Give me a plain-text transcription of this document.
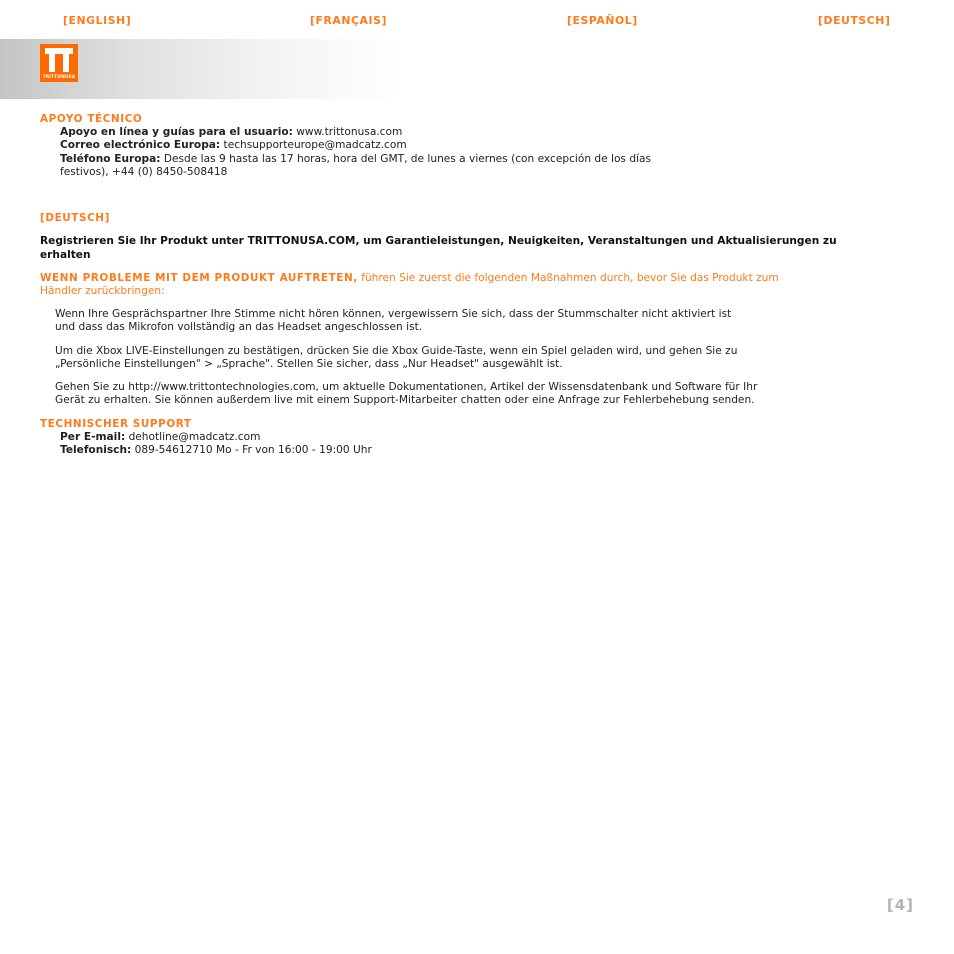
[ENGLISH]	[FRANÇAIS]	[ESPAÑOL]	[DEUTSCH]
TRITTONUSA
APOYO TÉCNICO
Apoyo en línea y guías para el usuario: www.trittonusa.com
Correo electrónico Europa: techsupporteurope@madcatz.com
Teléfono Europa: Desde las 9 hasta las 17 horas, hora del GMT, de lunes a viernes (con excepción de los días
festivos), +44 (0) 8450-508418
[DEUTSCH]
Registrieren Sie Ihr Produkt unter TRITTONUSA.COM, um Garantieleistungen, Neuigkeiten, Veranstaltungen und Aktualisierungen zu
erhalten
WENN PROBLEME MIT DEM PRODUKT AUFTRETEN, führen Sie zuerst die folgenden Maßnahmen durch, bevor Sie das Produkt zum
Händler zurückbringen:
Wenn Ihre Gesprächspartner Ihre Stimme nicht hören können, vergewissern Sie sich, dass der Stummschalter nicht aktiviert ist
und dass das Mikrofon vollständig an das Headset angeschlossen ist.
Um die Xbox LIVE-Einstellungen zu bestätigen, drücken Sie die Xbox Guide-Taste, wenn ein Spiel geladen wird, und gehen Sie zu
„Persönliche Einstellungen" > „Sprache". Stellen Sie sicher, dass „Nur Headset" ausgewählt ist.
Gehen Sie zu http://www.trittontechnologies.com, um aktuelle Dokumentationen, Artikel der Wissensdatenbank und Software für Ihr
Gerät zu erhalten. Sie können außerdem live mit einem Support-Mitarbeiter chatten oder eine Anfrage zur Fehlerbehebung senden.
TECHNISCHER SUPPORT
Per E-mail: dehotline@madcatz.com
Telefonisch: 089-54612710 Mo - Fr von 16:00 - 19:00 Uhr
[4]
